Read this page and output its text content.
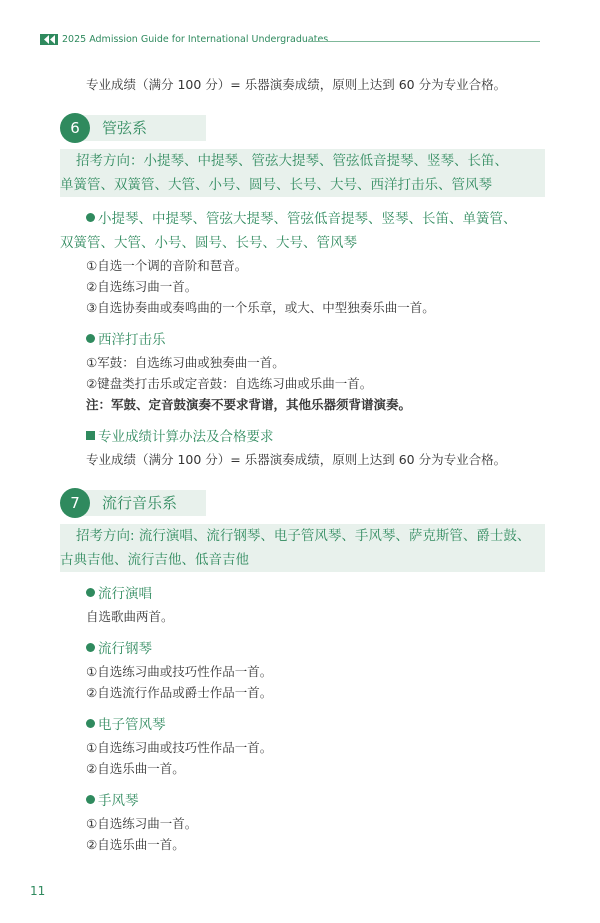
2025 Admission Guide for International Undergraduates
专业成绩（满分 100 分）= 乐器演奏成绩，原则上达到 60 分为专业合格。
6	管弦系
招考方向：小提琴、中提琴、管弦大提琴、管弦低音提琴、竖琴、长笛、
单簧管、双簧管、大管、小号、圆号、长号、大号、西洋打击乐、管风琴
小提琴、中提琴、管弦大提琴、管弦低音提琴、竖琴、长笛、单簧管、
双簧管、大管、小号、圆号、长号、大号、管风琴
①自选一个调的音阶和琶音。
②自选练习曲一首。
③自选协奏曲或奏鸣曲的一个乐章，或大、中型独奏乐曲一首。
西洋打击乐
①军鼓：自选练习曲或独奏曲一首。
②键盘类打击乐或定音鼓：自选练习曲或乐曲一首。
注：军鼓、定音鼓演奏不要求背谱，其他乐器须背谱演奏。
专业成绩计算办法及合格要求
专业成绩（满分 100 分）= 乐器演奏成绩，原则上达到 60 分为专业合格。
7	流行音乐系
招考方向: 流行演唱、流行钢琴、电子管风琴、手风琴、萨克斯管、爵士鼓、
古典吉他、流行吉他、低音吉他
流行演唱
自选歌曲两首。
流行钢琴
①自选练习曲或技巧性作品一首。
②自选流行作品或爵士作品一首。
电子管风琴
①自选练习曲或技巧性作品一首。
②自选乐曲一首。
手风琴
①自选练习曲一首。
②自选乐曲一首。
11
